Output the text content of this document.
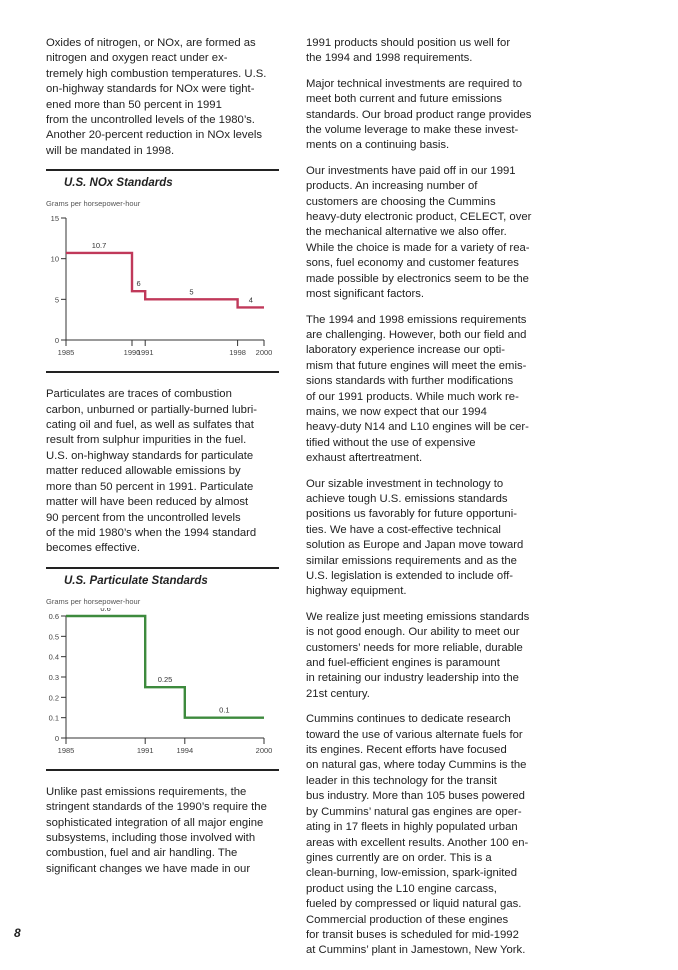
Oxides of nitrogen, or NOx, are formed as
nitrogen and oxygen react under ex-
tremely high combustion temperatures. U.S.
on-highway standards for NOx were tight-
ened more than 50 percent in 1991
from the uncontrolled levels of the 1980’s.
Another 20-percent reduction in NOx levels
will be mandated in 1998.

U.S. NOx Standards
Grams per horsepower-hour
0
5
10
15
1985	1990
1991	1998 2000
10.7
6
5
4

Particulates are traces of combustion
carbon, unburned or partially-burned lubri-
cating oil and fuel, as well as sulfates that
result from sulphur impurities in the fuel.
U.S. on-highway standards for particulate
matter reduced allowable emissions by
more than 50 percent in 1991. Particulate
matter will have been reduced by almost
90 percent from the uncontrolled levels
of the mid 1980’s when the 1994 standard
becomes effective.

U.S. Particulate Standards
Grams per horsepower-hour
0
0.1
0.2
0.3
0.4
0.5
0.6
1985	1991	1994	2000
0.6
0.25
0.1

Unlike past emissions requirements, the
stringent standards of the 1990’s require the
sophisticated integration of all major engine
subsystems, including those involved with
combustion, fuel and air handling. The
significant changes we have made in our

1991 products should position us well for
the 1994 and 1998 requirements.

Major technical investments are required to
meet both current and future emissions
standards. Our broad product range provides
the volume leverage to make these invest-
ments on a continuing basis.

Our investments have paid off in our 1991
products. An increasing number of
customers are choosing the Cummins
heavy-duty electronic product, CELECT, over
the mechanical alternative we also offer.
While the choice is made for a variety of rea-
sons, fuel economy and customer features
made possible by electronics seem to be the
most significant factors.

The 1994 and 1998 emissions requirements
are challenging. However, both our field and
laboratory experience increase our opti-
mism that future engines will meet the emis-
sions standards with further modifications
of our 1991 products. While much work re-
mains, we now expect that our 1994
heavy-duty N14 and L10 engines will be cer-
tified without the use of expensive
exhaust aftertreatment.

Our sizable investment in technology to
achieve tough U.S. emissions standards
positions us favorably for future opportuni-
ties. We have a cost-effective technical
solution as Europe and Japan move toward
similar emissions requirements and as the
U.S. legislation is extended to include off-
highway equipment.

We realize just meeting emissions standards
is not good enough. Our ability to meet our
customers’ needs for more reliable, durable
and fuel-efficient engines is paramount
in retaining our industry leadership into the
21st century.

Cummins continues to dedicate research
toward the use of various alternate fuels for
its engines. Recent efforts have focused
on natural gas, where today Cummins is the
leader in this technology for the transit
bus industry. More than 105 buses powered
by Cummins’ natural gas engines are oper-
ating in 17 fleets in highly populated urban
areas with excellent results. Another 100 en-
gines currently are on order. This is a
clean-burning, low-emission, spark-ignited
product using the L10 engine carcass,
fueled by compressed or liquid natural gas.
Commercial production of these engines
for transit buses is scheduled for mid-1992
at Cummins’ plant in Jamestown, New York.

8
